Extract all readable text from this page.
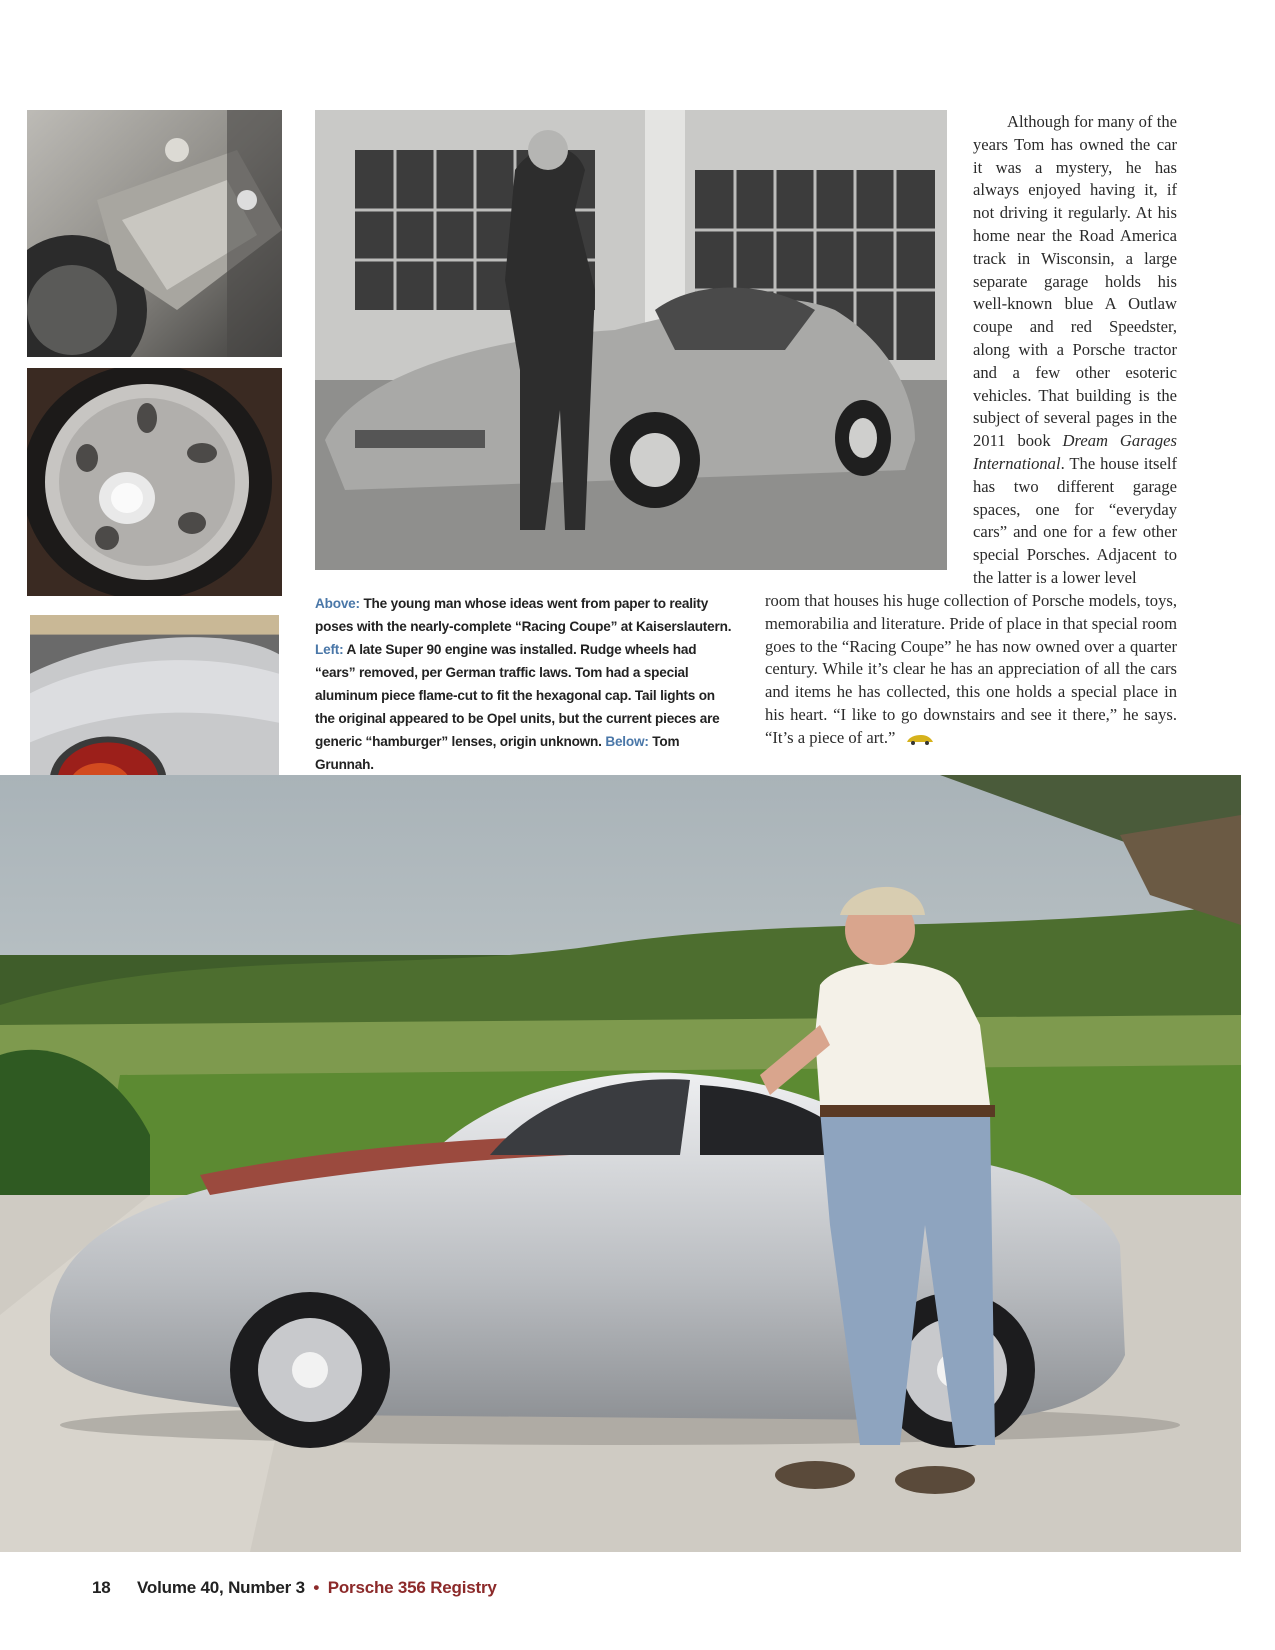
Although for many of the years Tom has owned the car it was a mystery, he has always enjoyed having it, if not driving it regularly. At his home near the Road America track in Wisconsin, a large separate garage holds his well-known blue A Outlaw coupe and red Speedster, along with a Porsche tractor and a few other esoteric vehicles. That building is the subject of several pages in the 2011 book Dream Garages International. The house itself has two different garage spaces, one for “everyday cars” and one for a few other special Porsches. Adjacent to the latter is a lower level

Above: The young man whose ideas went from paper to reality poses with the nearly-complete “Racing Coupe” at Kaiserslautern. Left: A late Super 90 engine was installed. Rudge wheels had “ears” removed, per German traffic laws. Tom had a special aluminum piece flame-cut to fit the hexagonal cap. Tail lights on the original appeared to be Opel units, but the current pieces are generic “hamburger” lenses, origin unknown. Below: Tom Grunnah.

room that houses his huge collection of Porsche models, toys, memorabilia and literature. Pride of place in that special room goes to the “Racing Coupe” he has now owned over a quarter century. While it’s clear he has an appreciation of all the cars and items he has collected, this one holds a special place in his heart. “I like to go downstairs and see it there,” he says. “It’s a piece of art.”

18 Volume 40, Number 3 • Porsche 356 Registry
